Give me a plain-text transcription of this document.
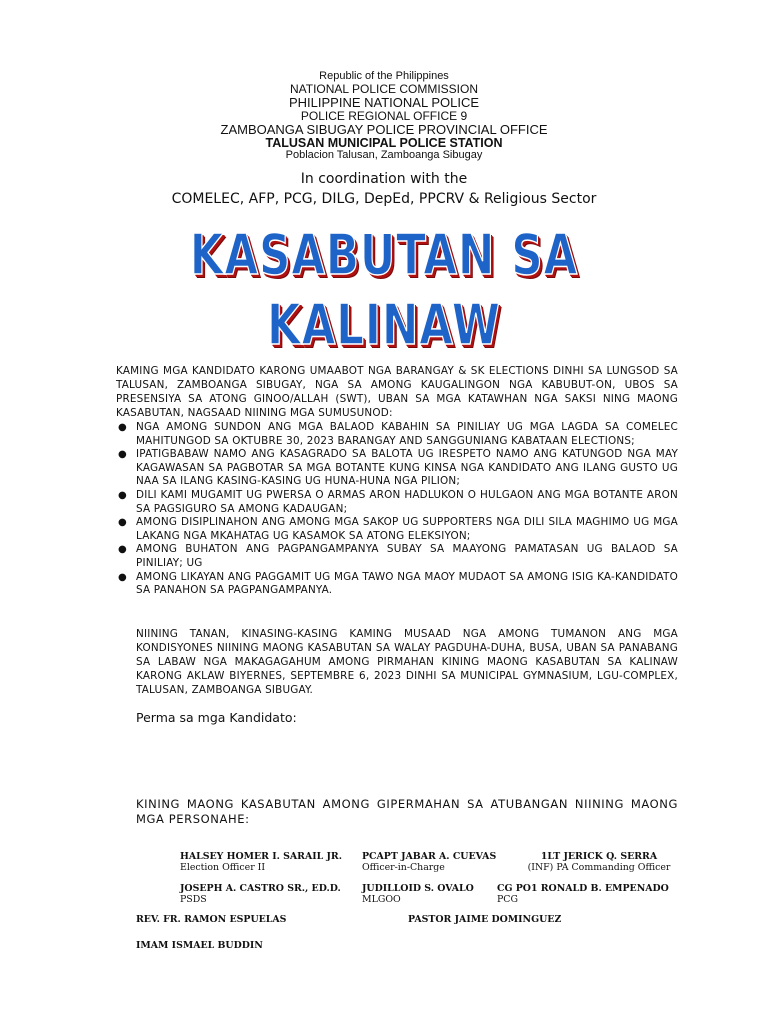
Republic of the Philippines
NATIONAL POLICE COMMISSION
PHILIPPINE NATIONAL POLICE
POLICE REGIONAL OFFICE 9
ZAMBOANGA SIBUGAY POLICE PROVINCIAL OFFICE
TALUSAN MUNICIPAL POLICE STATION
Poblacion Talusan, Zamboanga Sibugay
In coordination with the
COMELEC, AFP, PCG, DILG, DepEd, PPCRV & Religious Sector
KASABUTAN SA
KALINAW
KAMING MGA KANDIDATO KARONG UMAABOT NGA BARANGAY & SK ELECTIONS DINHI SA LUNGSOD SA TALUSAN, ZAMBOANGA SIBUGAY, NGA SA AMONG KAUGALINGON NGA KABUBUT-ON, UBOS SA PRESENSIYA SA ATONG GINOO/ALLAH (SWT), UBAN SA MGA KATAWHAN NGA SAKSI NING MAONG KASABUTAN, NAGSAAD NIINING MGA SUMUSUNOD:
● NGA AMONG SUNDON ANG MGA BALAOD KABAHIN SA PINILIAY UG MGA LAGDA SA COMELEC MAHITUNGOD SA OKTUBRE 30, 2023 BARANGAY AND SANGGUNIANG KABATAAN ELECTIONS;
● IPATIGBABAW NAMO ANG KASAGRADO SA BALOTA UG IRESPETO NAMO ANG KATUNGOD NGA MAY KAGAWASAN SA PAGBOTAR SA MGA BOTANTE KUNG KINSA NGA KANDIDATO ANG ILANG GUSTO UG NAA SA ILANG KASING-KASING UG HUNA-HUNA NGA PILION;
● DILI KAMI MUGAMIT UG PWERSA O ARMAS ARON HADLUKON O HULGAON ANG MGA BOTANTE ARON SA PAGSIGURO SA AMONG KADAUGAN;
● AMONG DISIPLINAHON ANG AMONG MGA SAKOP UG SUPPORTERS NGA DILI SILA MAGHIMO UG MGA LAKANG NGA MKAHATAG UG KASAMOK SA ATONG ELEKSIYON;
● AMONG BUHATON ANG PAGPANGAMPANYA SUBAY SA MAAYONG PAMATASAN UG BALAOD SA PINILIAY; UG
● AMONG LIKAYAN ANG PAGGAMIT UG MGA TAWO NGA MAOY MUDAOT SA AMONG ISIG KA-KANDIDATO SA PANAHON SA PAGPANGAMPANYA.
NIINING TANAN, KINASING-KASING KAMING MUSAAD NGA AMONG TUMANON ANG MGA KONDISYONES NIINING MAONG KASABUTAN SA WALAY PAGDUHA-DUHA, BUSA, UBAN SA PANABANG SA LABAW NGA MAKAGAGAHUM AMONG PIRMAHAN KINING MAONG KASABUTAN SA KALINAW KARONG AKLAW BIYERNES, SEPTEMBRE 6, 2023 DINHI SA MUNICIPAL GYMNASIUM, LGU-COMPLEX, TALUSAN, ZAMBOANGA SIBUGAY.
Perma sa mga Kandidato:
KINING MAONG KASABUTAN AMONG GIPERMAHAN SA ATUBANGAN NIINING MAONG MGA PERSONAHE:
HALSEY HOMER I. SARAIL JR.
Election Officer II
PCAPT JABAR A. CUEVAS
Officer-in-Charge
1LT JERICK Q. SERRA
(INF) PA Commanding Officer
JOSEPH A. CASTRO SR., ED.D.
PSDS
JUDILLOID S. OVALO
MLGOO
CG PO1 RONALD B. EMPENADO
PCG
REV. FR. RAMON ESPUELAS	PASTOR JAIME DOMINGUEZ
IMAM ISMAEL BUDDIN
